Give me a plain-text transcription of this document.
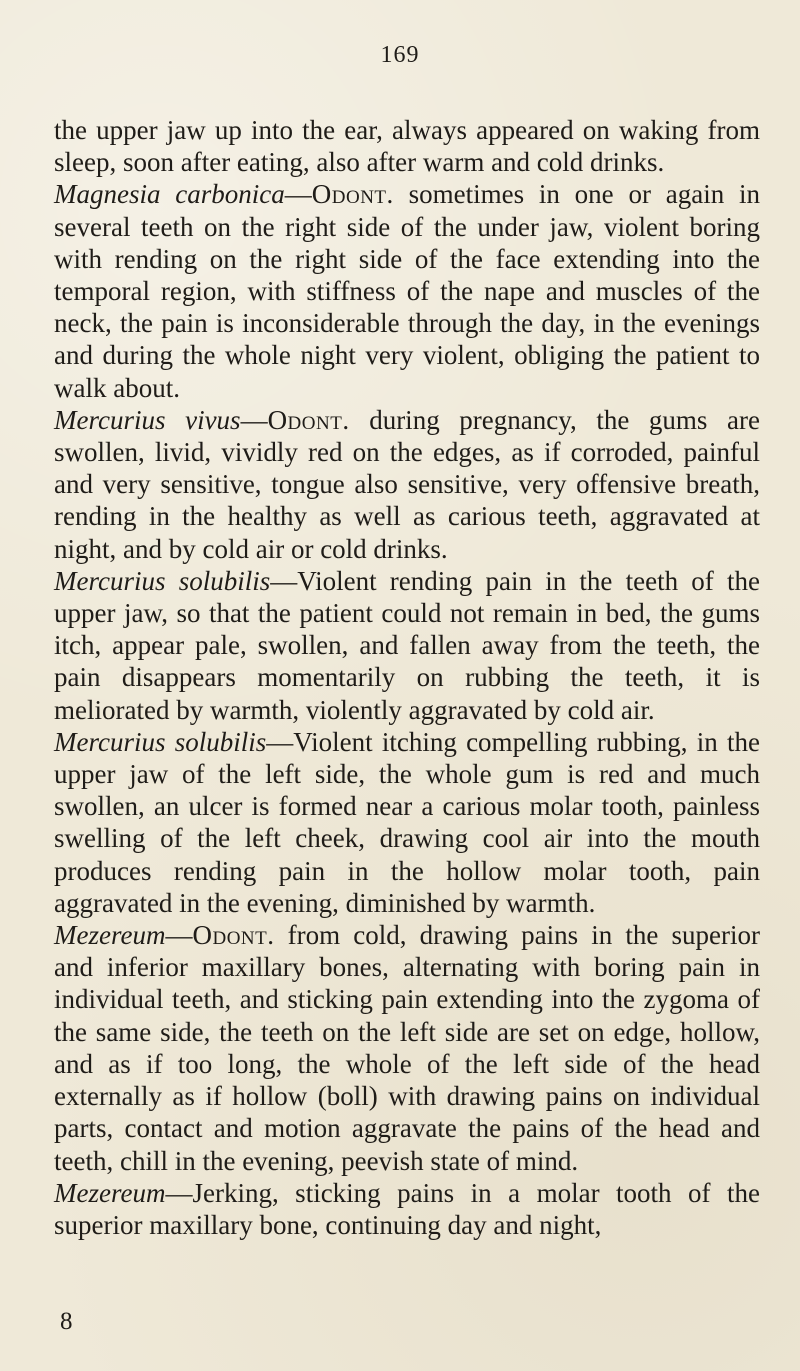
169

the upper jaw up into the ear, always appeared on waking from sleep, soon after eating, also after warm and cold drinks.

Magnesia carbonica—Odont. sometimes in one or again in several teeth on the right side of the under jaw, violent boring with rending on the right side of the face extending into the temporal region, with stiffness of the nape and muscles of the neck, the pain is inconsiderable through the day, in the evenings and during the whole night very violent, obliging the patient to walk about.

Mercurius vivus—Odont. during pregnancy, the gums are swollen, livid, vividly red on the edges, as if corroded, painful and very sensitive, tongue also sensitive, very offensive breath, rending in the healthy as well as carious teeth, aggravated at night, and by cold air or cold drinks.

Mercurius solubilis—Violent rending pain in the teeth of the upper jaw, so that the patient could not remain in bed, the gums itch, appear pale, swollen, and fallen away from the teeth, the pain disappears momentarily on rubbing the teeth, it is meliorated by warmth, violently aggravated by cold air.

Mercurius solubilis—Violent itching compelling rubbing, in the upper jaw of the left side, the whole gum is red and much swollen, an ulcer is formed near a carious molar tooth, painless swelling of the left cheek, drawing cool air into the mouth produces rending pain in the hollow molar tooth, pain aggravated in the evening, diminished by warmth.

Mezereum—Odont. from cold, drawing pains in the superior and inferior maxillary bones, alternating with boring pain in individual teeth, and sticking pain extending into the zygoma of the same side, the teeth on the left side are set on edge, hollow, and as if too long, the whole of the left side of the head externally as if hollow (boll) with drawing pains on individual parts, contact and motion aggravate the pains of the head and teeth, chill in the evening, peevish state of mind.

Mezereum—Jerking, sticking pains in a molar tooth of the superior maxillary bone, continuing day and night,

8
